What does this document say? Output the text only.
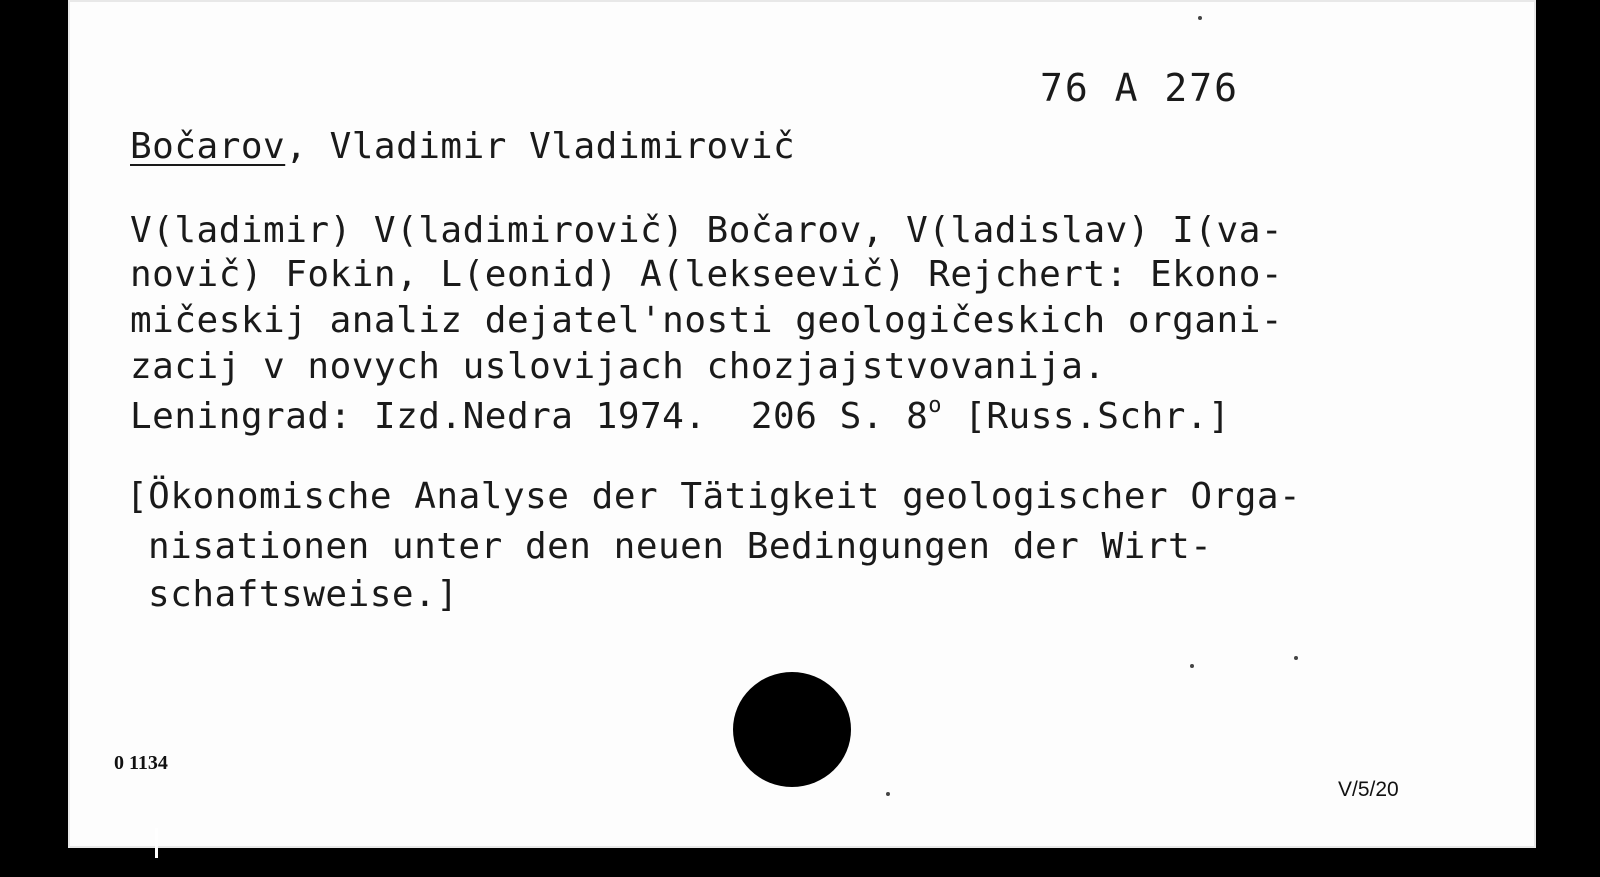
76 A 276
Bočarov, Vladimir Vladimirovič
V(ladimir) V(ladimirovič) Bočarov, V(ladislav) I(va-
novič) Fokin, L(eonid) A(lekseevič) Rejchert: Ekono-
mičeskij analiz dejatel'nosti geologičeskich organi-
zacij v novych uslovijach chozjajstvovanija.
Leningrad: Izd.Nedra 1974.  206 S. 8$^o$ [Russ.Schr.]
[Ökonomische Analyse der Tätigkeit geologischer Orga-
nisationen unter den neuen Bedingungen der Wirt-
schaftsweise.]
0 1134
V/5/20
